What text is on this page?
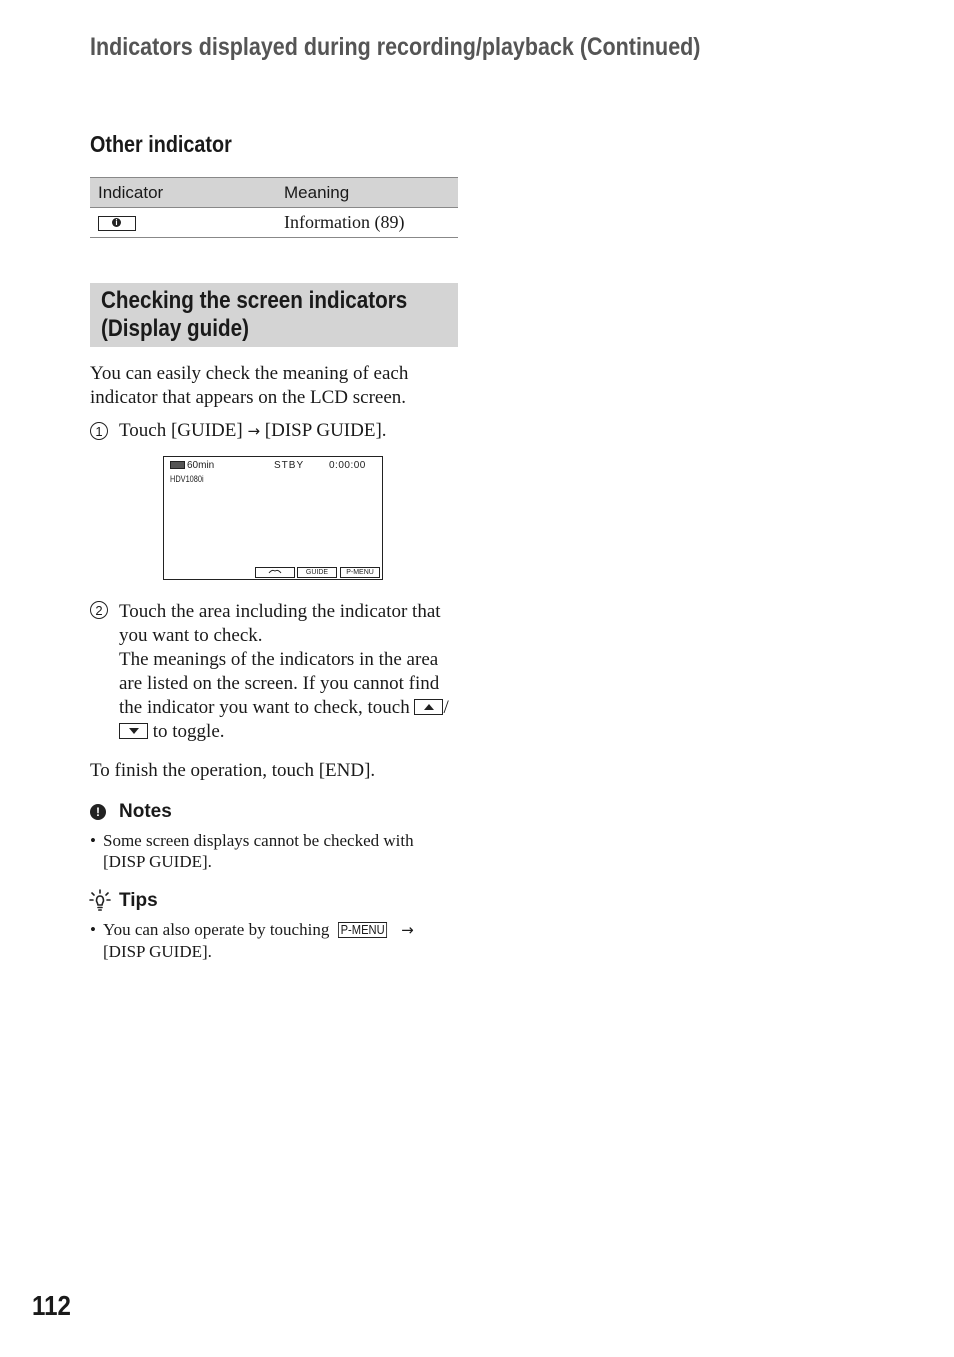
Indicators displayed during recording/playback (Continued)
Other indicator
Indicator	Meaning

i	Information (89)
Checking the screen indicators
(Display guide)
You can easily check the meaning of each indicator that appears on the LCD screen.
1 Touch [GUIDE] → [DISP GUIDE].
60min	STBY 0:00:00
HDV1080i
GUIDE	P-MENU
2 Touch the area including the indicator that you want to check.
The meanings of the indicators in the area are listed on the screen. If you cannot find the indicator you want to check, touch
/
to toggle.
To finish the operation, touch [END].
!	Notes
• Some screen displays cannot be checked with [DISP GUIDE].
Tips
• You can also operate by touching P-MENU →
[DISP GUIDE].
112
